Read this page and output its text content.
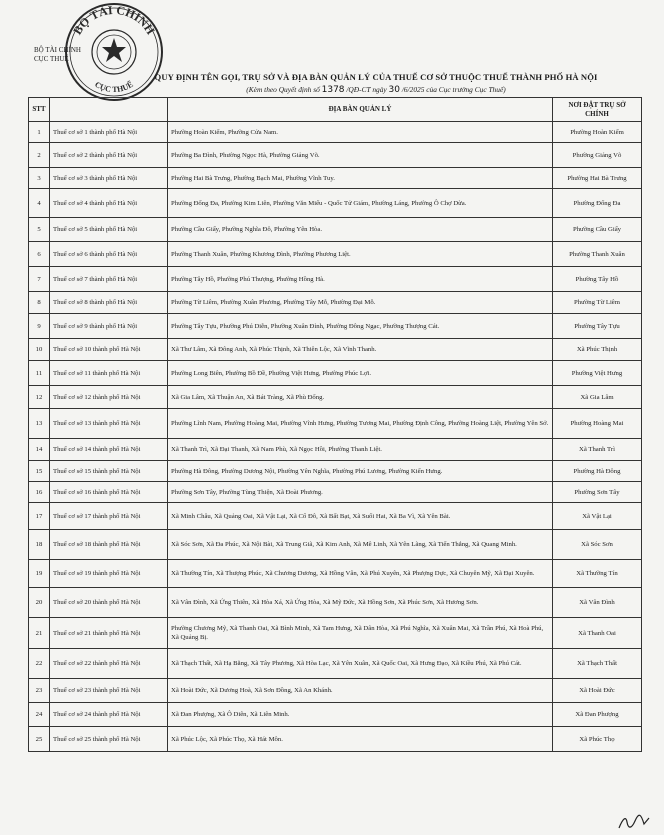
BỘ TÀI CHÍNH
CỤC THUẾ
BỘ TÀI CHÍNH
CỤC THUẾ
QUY ĐỊNH TÊN GỌI, TRỤ SỞ VÀ ĐỊA BÀN QUẢN LÝ CỦA THUẾ CƠ SỞ THUỘC THUẾ THÀNH PHỐ HÀ NỘI
(Kèm theo Quyết định số 1378 /QĐ-CT ngày 30 /6/2025 của Cục trưởng Cục Thuế)
STT		ĐỊA BÀN QUẢN LÝ	NƠI ĐẶT TRỤ SỞ CHÍNH
1	Thuế cơ sở 1 thành phố Hà Nội	Phường Hoàn Kiếm, Phường Cửa Nam.	Phường Hoàn Kiếm
2	Thuế cơ sở 2 thành phố Hà Nội	Phường Ba Đình, Phường Ngọc Hà, Phường Giảng Võ.	Phường Giảng Võ
3	Thuế cơ sở 3 thành phố Hà Nội	Phường Hai Bà Trưng, Phường Bạch Mai, Phường Vĩnh Tuy.	Phường Hai Bà Trưng
4	Thuế cơ sở 4 thành phố Hà Nội	Phường Đống Đa, Phường Kim Liên, Phường Văn Miếu - Quốc Tử Giám, Phường Láng, Phường Ô Chợ Dừa.	Phường Đống Đa
5	Thuế cơ sở 5 thành phố Hà Nội	Phường Cầu Giấy, Phường Nghĩa Đô, Phường Yên Hòa.	Phường Cầu Giấy
6	Thuế cơ sở 6 thành phố Hà Nội	Phường Thanh Xuân, Phường Khương Đình, Phường Phương Liệt.	Phường Thanh Xuân
7	Thuế cơ sở 7 thành phố Hà Nội	Phường Tây Hồ, Phường Phú Thượng, Phường Hồng Hà.	Phường Tây Hồ
8	Thuế cơ sở 8 thành phố Hà Nội	Phường Từ Liêm, Phường Xuân Phương, Phường Tây Mỗ, Phường Đại Mỗ.	Phường Từ Liêm
9	Thuế cơ sở 9 thành phố Hà Nội	Phường Tây Tựu, Phường Phú Diễn, Phường Xuân Đỉnh, Phường Đông Ngạc, Phường Thượng Cát.	Phường Tây Tựu
10	Thuế cơ sở 10 thành phố Hà Nội	Xã Thư Lâm, Xã Đông Anh, Xã Phúc Thịnh, Xã Thiên Lộc, Xã Vĩnh Thanh.	Xã Phúc Thịnh
11	Thuế cơ sở 11 thành phố Hà Nội	Phường Long Biên, Phường Bồ Đề, Phường Việt Hưng, Phường Phúc Lợi.	Phường Việt Hưng
12	Thuế cơ sở 12 thành phố Hà Nội	Xã Gia Lâm, Xã Thuận An, Xã Bát Tràng, Xã Phù Đổng.	Xã Gia Lâm
13	Thuế cơ sở 13 thành phố Hà Nội	Phường Lĩnh Nam, Phường Hoàng Mai, Phường Vĩnh Hưng, Phường Tương Mai, Phường Định Công, Phường Hoàng Liệt, Phường Yên Sở.	Phường Hoàng Mai
14	Thuế cơ sở 14 thành phố Hà Nội	Xã Thanh Trì, Xã Đại Thanh, Xã Nam Phù, Xã Ngọc Hồi, Phường Thanh Liệt.	Xã Thanh Trì
15	Thuế cơ sở 15 thành phố Hà Nội	Phường Hà Đông, Phường Dương Nội, Phường Yên Nghĩa, Phường Phú Lương, Phường Kiến Hưng.	Phường Hà Đông
16	Thuế cơ sở 16 thành phố Hà Nội	Phường Sơn Tây, Phường Tùng Thiện, Xã Đoài Phương.	Phường Sơn Tây
17	Thuế cơ sở 17 thành phố Hà Nội	Xã Minh Châu, Xã Quảng Oai, Xã Vật Lại, Xã Cổ Đô, Xã Bất Bạt, Xã Suối Hai, Xã Ba Vì, Xã Yên Bài.	Xã Vật Lại
18	Thuế cơ sở 18 thành phố Hà Nội	Xã Sóc Sơn, Xã Đa Phúc, Xã Nội Bài, Xã Trung Giã, Xã Kim Anh, Xã Mê Linh, Xã Yên Lãng, Xã Tiến Thắng, Xã Quang Minh.	Xã Sóc Sơn
19	Thuế cơ sở 19 thành phố Hà Nội	Xã Thường Tín, Xã Thượng Phúc, Xã Chương Dương, Xã Hồng Vân, Xã Phú Xuyên, Xã Phượng Dực, Xã Chuyên Mỹ, Xã Đại Xuyên.	Xã Thường Tín
20	Thuế cơ sở 20 thành phố Hà Nội	Xã Vân Đình, Xã Ứng Thiên, Xã Hòa Xá, Xã Ứng Hòa, Xã Mỹ Đức, Xã Hồng Sơn, Xã Phúc Sơn, Xã Hương Sơn.	Xã Vân Đình
21	Thuế cơ sở 21 thành phố Hà Nội	Phường Chương Mỹ, Xã Thanh Oai, Xã Bình Minh, Xã Tam Hưng, Xã Dân Hòa, Xã Phú Nghĩa, Xã Xuân Mai, Xã Trần Phú, Xã Hoà Phú, Xã Quảng Bị.	Xã Thanh Oai
22	Thuế cơ sở 22 thành phố Hà Nội	Xã Thạch Thất, Xã Hạ Bằng, Xã Tây Phương, Xã Hòa Lạc, Xã Yên Xuân, Xã Quốc Oai, Xã Hưng Đạo, Xã Kiều Phú, Xã Phú Cát.	Xã Thạch Thất
23	Thuế cơ sở 23 thành phố Hà Nội	Xã Hoài Đức, Xã Dương Hoà, Xã Sơn Đồng, Xã An Khánh.	Xã Hoài Đức
24	Thuế cơ sở 24 thành phố Hà Nội	Xã Đan Phượng, Xã Ô Diên, Xã Liên Minh.	Xã Đan Phượng
25	Thuế cơ sở 25 thành phố Hà Nội	Xã Phúc Lộc, Xã Phúc Thọ, Xã Hát Môn.	Xã Phúc Thọ
